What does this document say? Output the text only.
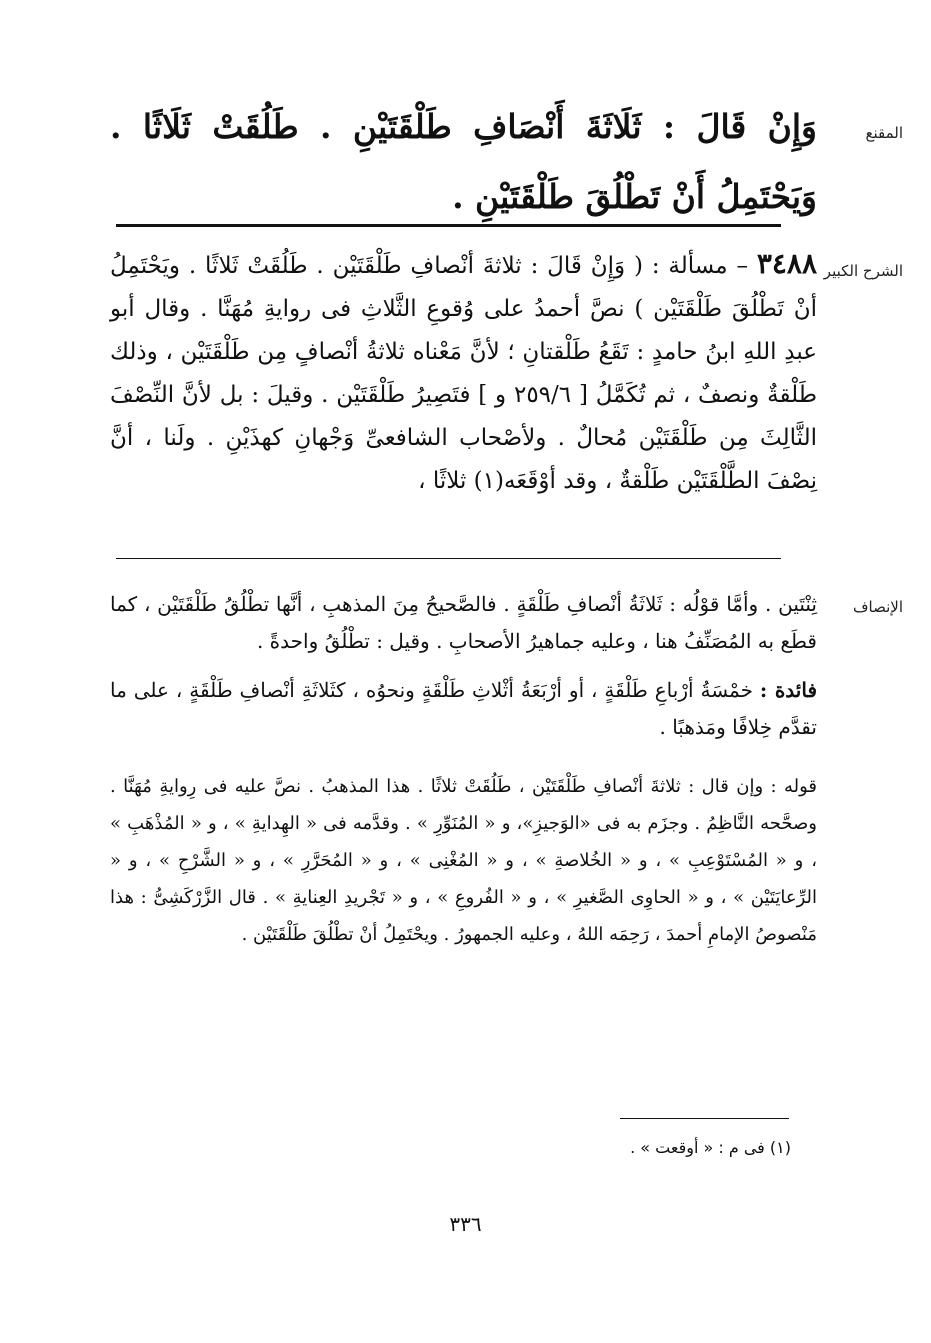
المقنع

وَإِنْ قَالَ : ثَلَاثَةَ أَنْصَافِ طَلْقَتَيْنِ . طَلُقَتْ ثَلَاثًا . وَيَحْتَمِلُ أَنْ تَطْلُقَ طَلْقَتَيْنِ .

الشرح الكبير

٣٤٨٨ – مسألة : ( وَإِنْ قَالَ : ثلاثةَ أنْصافِ طَلْقَتَيْن . طَلُقَتْ ثَلاثًا . ويَحْتَمِلُ أنْ تَطْلُقَ طَلْقَتَيْن ) نصَّ أحمدُ على وُقوعِ الثَّلاثِ فى روايةِ مُهَنَّا . وقال أبو عبدِ اللهِ ابنُ حامدٍ : تَقَعُ طَلْقتانِ ؛ لأنَّ مَعْناه ثلاثةُ أنْصافٍ مِن طَلْقَتَيْن ، وذلك طَلْقةٌ ونصفٌ ، ثم تُكَمَّلُ [ ٢٥٩/٦ و ] فتَصِيرُ طَلْقَتَيْن . وقيلَ : بل لأنَّ النِّصْفَ الثَّالِثَ مِن طَلْقَتَيْن مُحالٌ . ولأصْحاب الشافعىِّ وَجْهانِ كهذَيْنِ . ولَنا ، أنَّ نِصْفَ الطَّلْقَتَيْن طَلْقةٌ ، وقد أوْقَعَه(١) ثلاثًا ،

الإنصاف

ثِنْتَين . وأمَّا قوْلُه : ثَلاثَةُ أنْصافِ طَلْقَةٍ . فالصَّحيحُ مِنَ المذهبِ ، أنَّها تطْلُقُ طَلْقَتَيْن ، كما قطَع به المُصَنِّفُ هنا ، وعليه جماهيرُ الأصحابِ . وقيل : تطْلُقُ واحدةً .

فائدة : خمْسَةُ أرْباعِ طَلْقَةٍ ، أو أرْبَعَةُ أثْلاثِ طَلْقَةٍ ونحوُه ، كثَلاثَةِ أنْصافِ طَلْقَةٍ ، على ما تقدَّم خِلافًا ومَذهبًا .

قوله : وإن قال : ثلاثةَ أنْصافِ طَلْقَتَيْن ، طَلُقَتْ ثلاثًا . هذا المذهبُ . نصَّ عليه فى رِوايةِ مُهَنَّا . وصحَّحه النَّاظِمُ . وجزَم به فى «الوَجيزِ»، و « المُنَوِّرِ » . وقدَّمه فى « الهِدايةِ » ، و « المُذْهَبِ » ، و « المُسْتَوْعِبِ » ، و « الخُلاصةِ » ، و « المُغْنِى » ، و « المُحَرَّرِ » ، و « الشَّرْحِ » ، و « الرِّعايَتَيْن » ، و « الحاوِى الصَّغيرِ » ، و « الفُروعِ » ، و « تَجْريدِ العِنايةِ » . قال الزَّرْكَشِىُّ : هذا مَنْصوصُ الإمامِ أحمدَ ، رَحِمَه اللهُ ، وعليه الجمهورُ . ويحْتَمِلُ أنْ تطْلُقَ طَلْقَتَيْن .

(١) فى م : « أوقعت » .
٣٣٦
